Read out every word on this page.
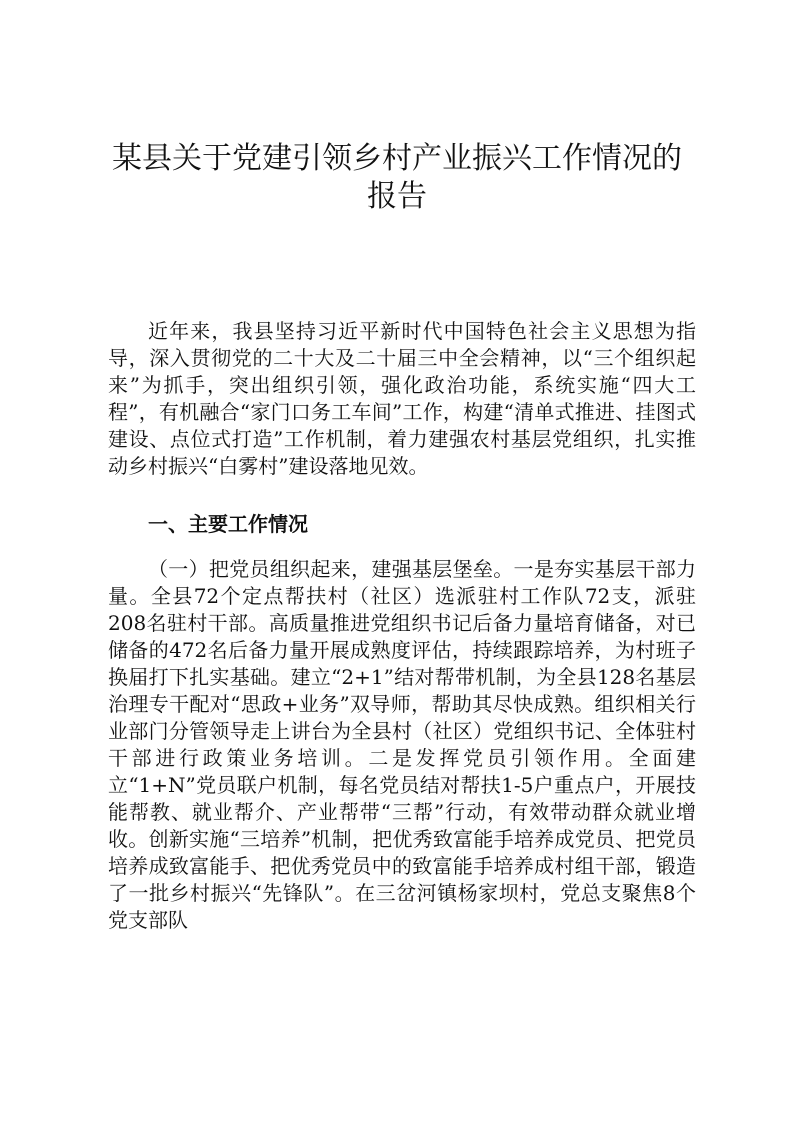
某县关于党建引领乡村产业振兴工作情况的报告

近年来，我县坚持习近平新时代中国特色社会主义思想为指导，深入贯彻党的二十大及二十届三中全会精神，以“三个组织起来”为抓手，突出组织引领，强化政治功能，系统实施“四大工程”，有机融合“家门口务工车间”工作，构建“清单式推进、挂图式建设、点位式打造”工作机制，着力建强农村基层党组织，扎实推动乡村振兴“白雾村”建设落地见效。

一、主要工作情况

（一）把党员组织起来，建强基层堡垒。一是夯实基层干部力量。全县72个定点帮扶村（社区）选派驻村工作队72支，派驻208名驻村干部。高质量推进党组织书记后备力量培育储备，对已储备的472名后备力量开展成熟度评估，持续跟踪培养，为村班子换届打下扎实基础。建立“2+1”结对帮带机制，为全县128名基层治理专干配对“思政+业务”双导师，帮助其尽快成熟。组织相关行业部门分管领导走上讲台为全县村（社区）党组织书记、全体驻村干部进行政策业务培训。二是发挥党员引领作用。全面建立“1+N”党员联户机制，每名党员结对帮扶1-5户重点户，开展技能帮教、就业帮介、产业帮带“三帮”行动，有效带动群众就业增收。创新实施“三培养”机制，把优秀致富能手培养成党员、把党员培养成致富能手、把优秀党员中的致富能手培养成村组干部，锻造了一批乡村振兴“先锋队”。在三岔河镇杨家坝村，党总支聚焦8个党支部队
